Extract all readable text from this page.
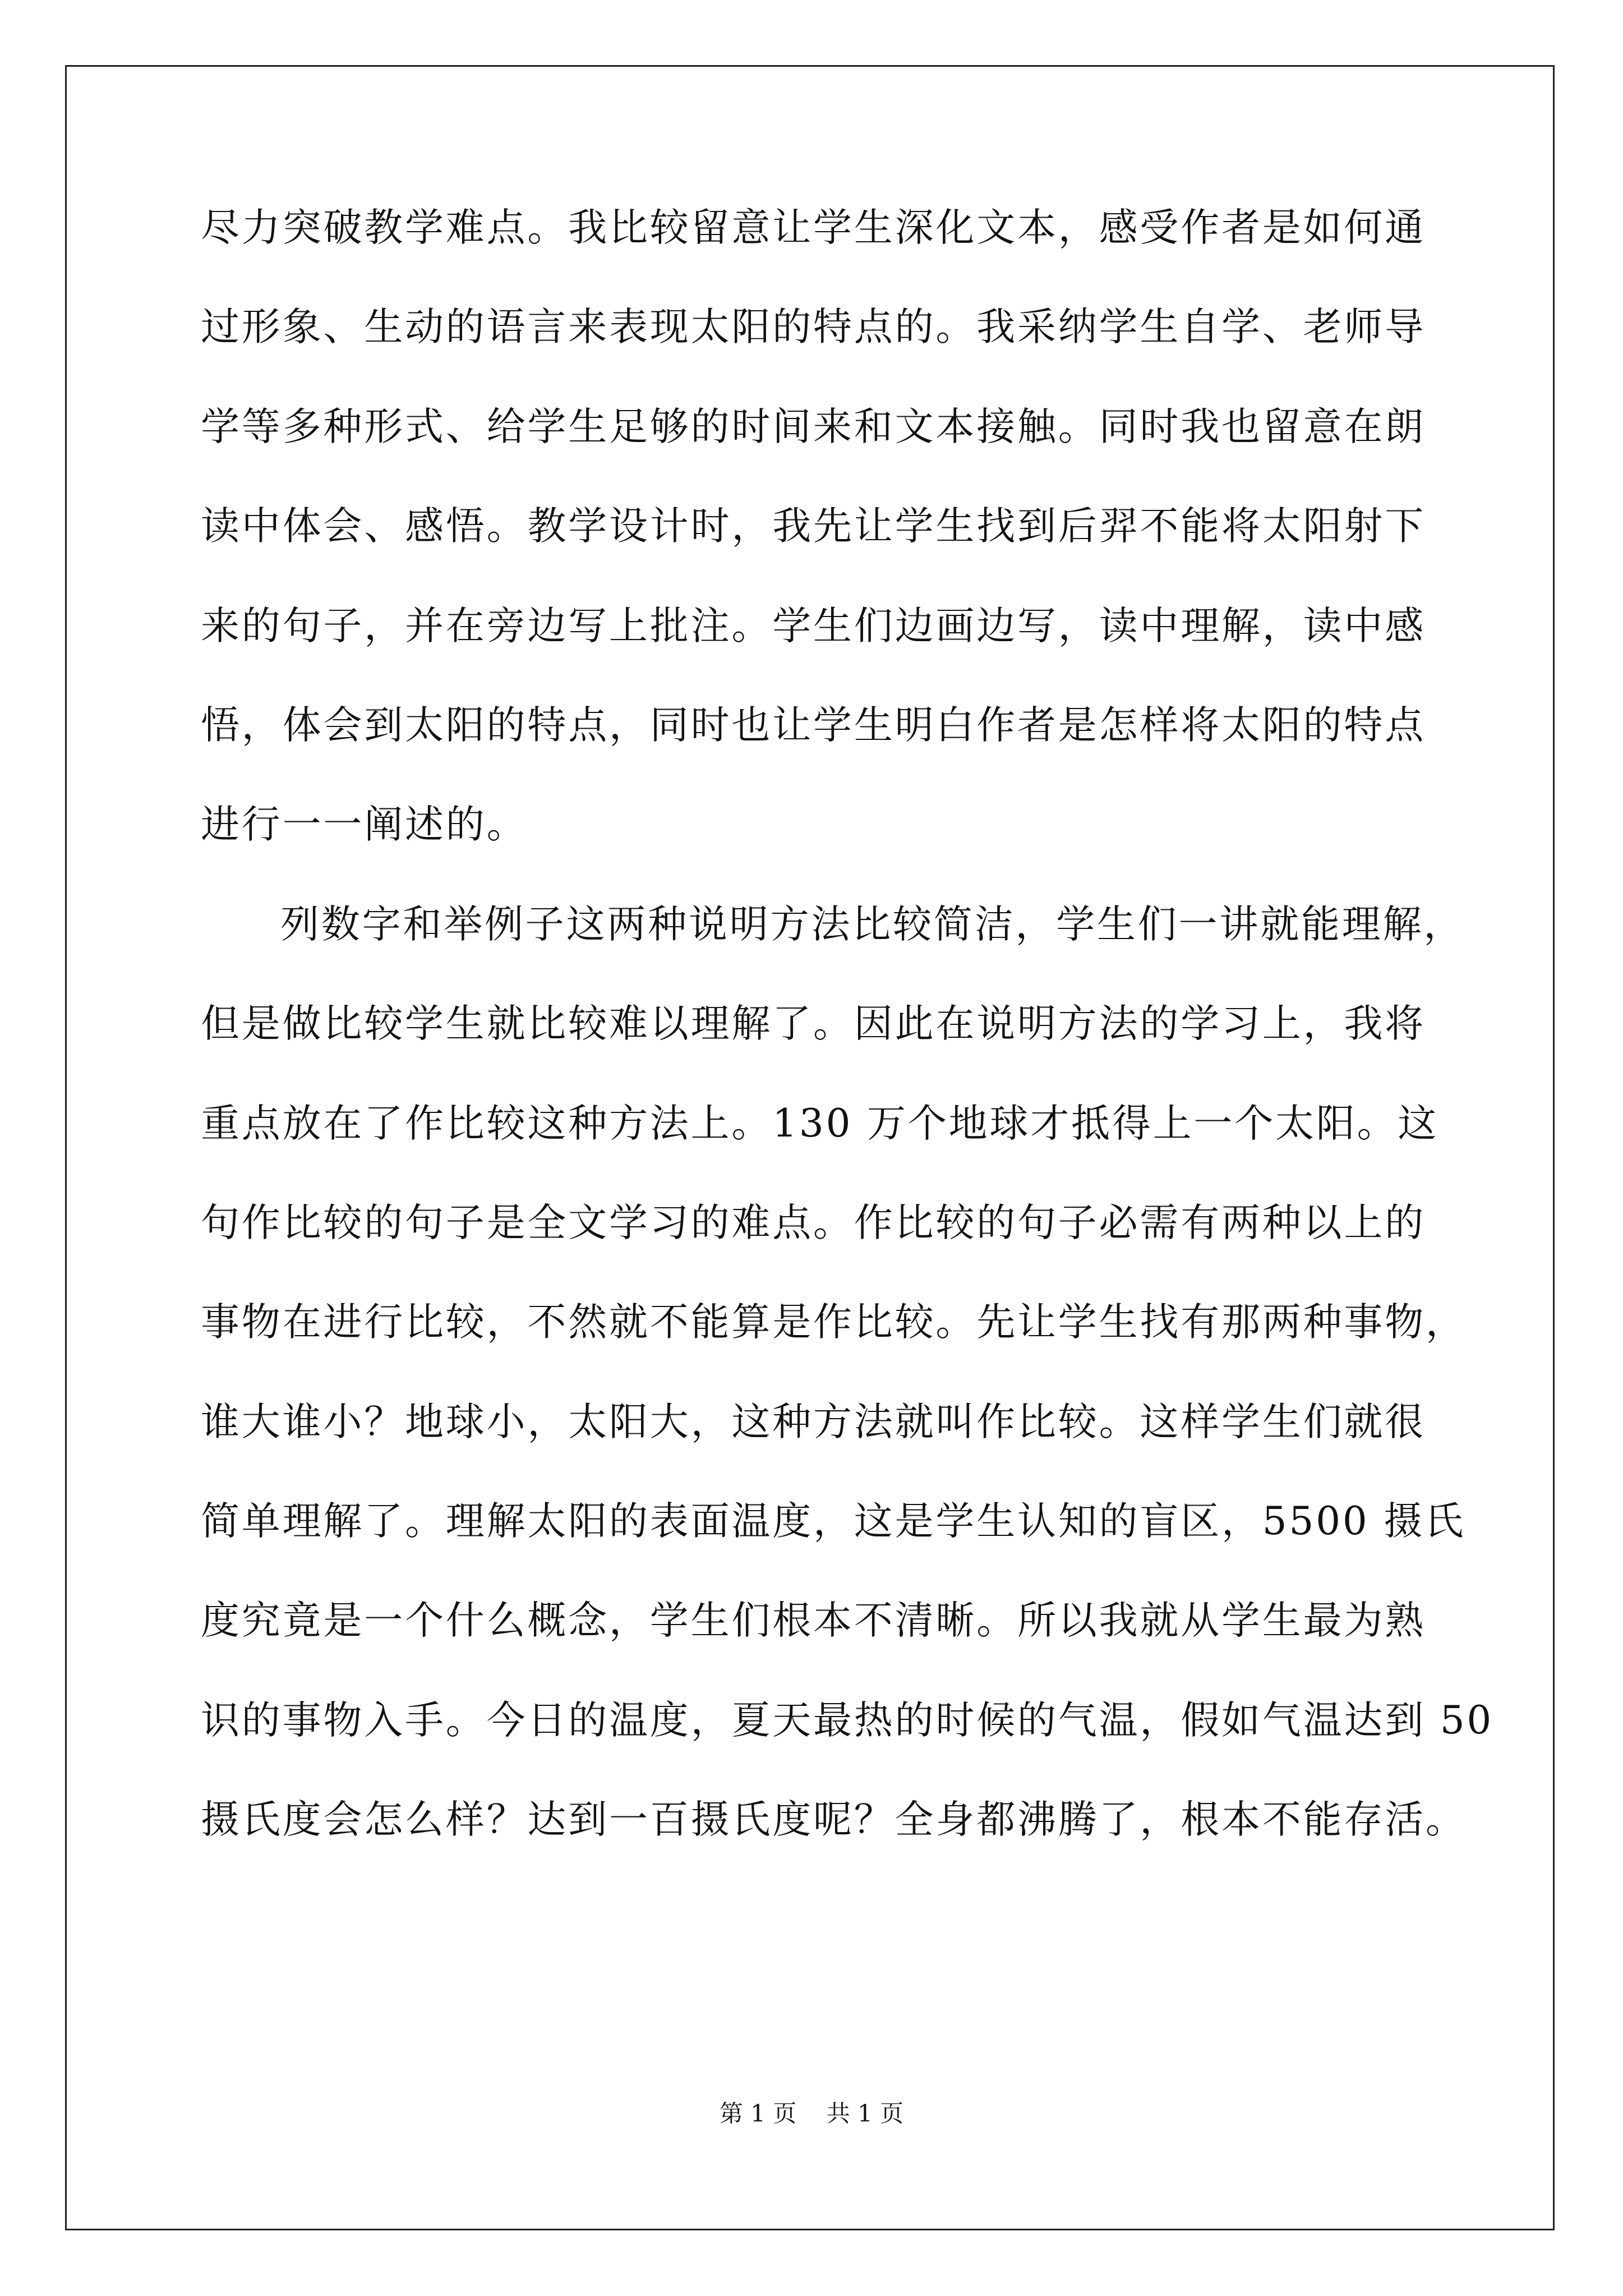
尽力突破教学难点。我比较留意让学生深化文本，感受作者是如何通
过形象、生动的语言来表现太阳的特点的。我采纳学生自学、老师导
学等多种形式、给学生足够的时间来和文本接触。同时我也留意在朗
读中体会、感悟。教学设计时，我先让学生找到后羿不能将太阳射下
来的句子，并在旁边写上批注。学生们边画边写，读中理解，读中感
悟，体会到太阳的特点，同时也让学生明白作者是怎样将太阳的特点
进行一一阐述的。
列数字和举例子这两种说明方法比较简洁，学生们一讲就能理解，
但是做比较学生就比较难以理解了。因此在说明方法的学习上，我将
重点放在了作比较这种方法上。130 万个地球才抵得上一个太阳。这
句作比较的句子是全文学习的难点。作比较的句子必需有两种以上的
事物在进行比较，不然就不能算是作比较。先让学生找有那两种事物，
谁大谁小？地球小，太阳大，这种方法就叫作比较。这样学生们就很
简单理解了。理解太阳的表面温度，这是学生认知的盲区，5500 摄氏
度究竟是一个什么概念，学生们根本不清晰。所以我就从学生最为熟
识的事物入手。今日的温度，夏天最热的时候的气温，假如气温达到 50
摄氏度会怎么样？达到一百摄氏度呢？全身都沸腾了，根本不能存活。
第 1 页 共 1 页
